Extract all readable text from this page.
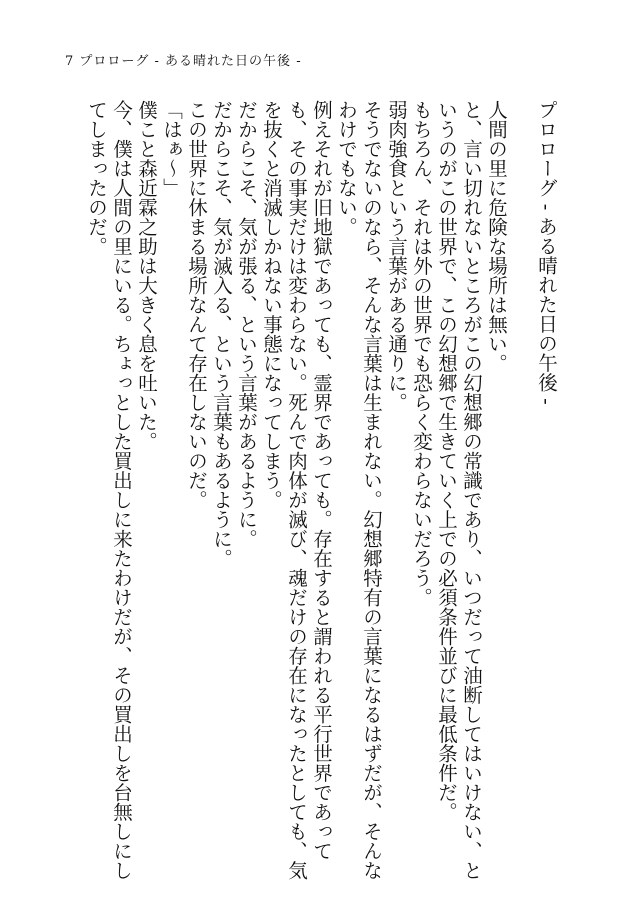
7 プロローグ - ある晴れた日の午後 -
プロローグ - ある晴れた日の午後 -

人間の里に危険な場所は無い。

と、言い切れないところがこの幻想郷の常識であり、いつだって油断してはいけない、というのがこの世界で、この幻想郷で生きていく上での必須条件並びに最低条件だ。

もちろん、それは外の世界でも恐らく変わらないだろう。

弱肉強食という言葉がある通りに。

そうでないのなら、そんな言葉は生まれない。幻想郷特有の言葉になるはずだが、そんなわけでもない。

例えそれが旧地獄であっても、霊界であっても。存在すると謂われる平行世界であっても、その事実だけは変わらない。死んで肉体が滅び、魂だけの存在になったとしても、気を抜くと消滅しかねない事態になってしまう。

だからこそ、気が張る、という言葉があるように。

だからこそ、気が滅入る、という言葉もあるように。

この世界に休まる場所なんて存在しないのだ。

「はぁ～」

僕こと森近霖之助は大きく息を吐いた。

今、僕は人間の里にいる。ちょっとした買出しに来たわけだが、その買出しを台無しにしてしまったのだ。
